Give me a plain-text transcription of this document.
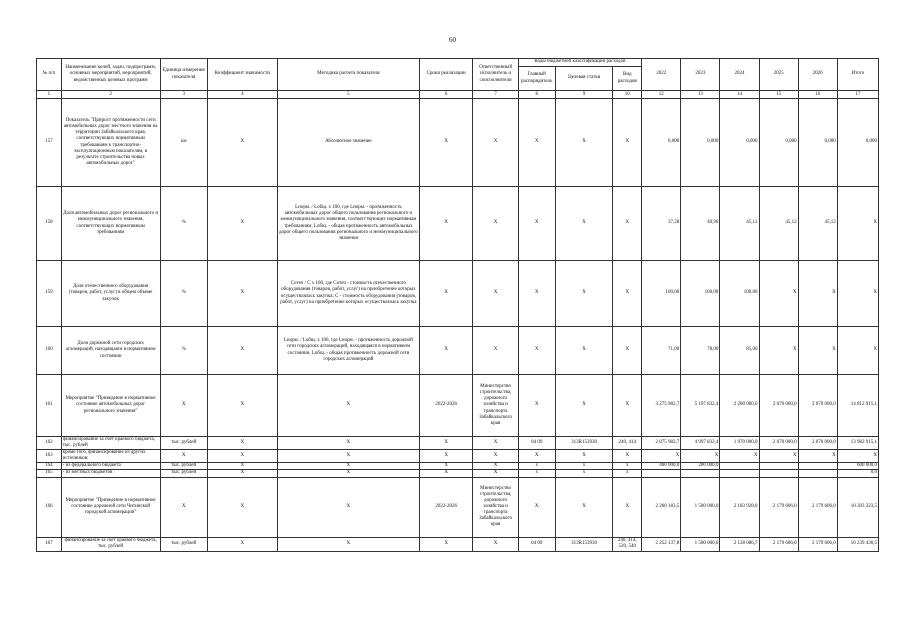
60
№ п/п	Наименование целей, задач, подпрограмм, основных мероприятий, мероприятий, ведомственных целевых программ	Единица измерения показателя	Коэффициент значимости	Методика расчета показателя	Сроки реализации	Ответственный исполнитель и соисполнители	Коды бюджетной классификации расходов			2022	2023	2024	2025	2026	Итого
							Главный распорядитель	Целевая статья	Вид расходов						
1	2	3	4	5	6	7	8	9	10	12	13	14	15	16	17
157	Показатель "Прирост протяженности сети автомобильных дорог местного значения на территории Забайкальского края, соответствующих нормативным требованиям к транспортно-эксплуатационным показателям, в результате строительства новых автомобильных дорог"	км	X	Абсолютное значение	X	X	X	X	X	0,000	0,000	0,000	0,000	0,000	0,000
158	Доля автомобильных дорог регионального и межмуниципального значения, соответствующих нормативным требованиям	%	X	Lнорм. / Lобщ. x 100, где Lнорм. - протяженность автомобильных дорог общего пользования регионального и межмуниципального значения, соответствующих нормативным требованиям, Lобщ. - общая протяженность автомобильных дорог общего пользования регионального и межмуниципального значения	X	X	X	X	X	37,28	40,96	45,12	45,12	45,12	X
159	Доля отечественного оборудования (товаров, работ, услуг) в общем объеме закупок	%	X	Сотеч / С x 100, где Сотеч - стоимость отечественного оборудования (товаров, работ, услуг) на приобретение которых осуществлялась закупка; С - стоимость оборудования (товаров, работ, услуг) на приобретение которых осуществлялась закупка	X	X	X	X	X	100,00	100,00	100,00	X	X	X
160	Доля дорожной сети городских агломераций, находящаяся в нормативном состоянии	%	X	Lнорм. / Lобщ. x 100, где Lнорм. - протяженность дорожной сети городских агломераций, находящаяся в нормативном состоянии, Lобщ. - общая протяженность дорожной сети городских агломераций	X	X	X	X	X	71,00	78,00	85,00	X	X	X
161	Мероприятие "Приведение в нормативное состояние автомобильных дорог регионального значения"	X	X	X	2022-2026	Министерство строительства, дорожного хозяйства и транспорта Забайкальского края	X	X	X	3 275 982,7	5 197 832,4	2 200 000,0	2 070 000,0	2 070 000,0	14 812 915,1
162	финансирование за счет краевого бюджета, тыс. рублей	тыс. рублей	X	X	X	X	04 09	313R153930	240, 414	2 875 982,7	4 997 832,4	1 970 000,0	2 070 000,0	2 070 000,0	13 982 915,1
163	кроме того, финансирование из других источников:	X	X	X	X	X	X	X	X	X	X	X	X	X	X
164	- из федерального бюджета	тыс. рублей	X	X	X	X	x	x	x	400 000,0	200 000,0				600 000,0
165	- из местных бюджетов	тыс. рублей	X	X	X	X	x	x	x						0,0
166	Мероприятие "Приведение в нормативное состояние дорожной сети Читинской городской агломерации"	X	X	X	2022-2026	Министерство строительства, дорожного хозяйства и транспорта Забайкальского края	X	X	X	2 260 183,5	1 500 000,0	2 183 928,0	2 179 606,0	2 179 606,0	10 303 323,5
167	финансирование за счет краевого бюджета, тыс. рублей	тыс. рублей	X	X	X	X	04 09	313R153930	240, 414, 520, 540	2 252 137,8	1 500 000,0	2 128 086,7	2 179 606,0	2 179 606,0	10 239 436,5
